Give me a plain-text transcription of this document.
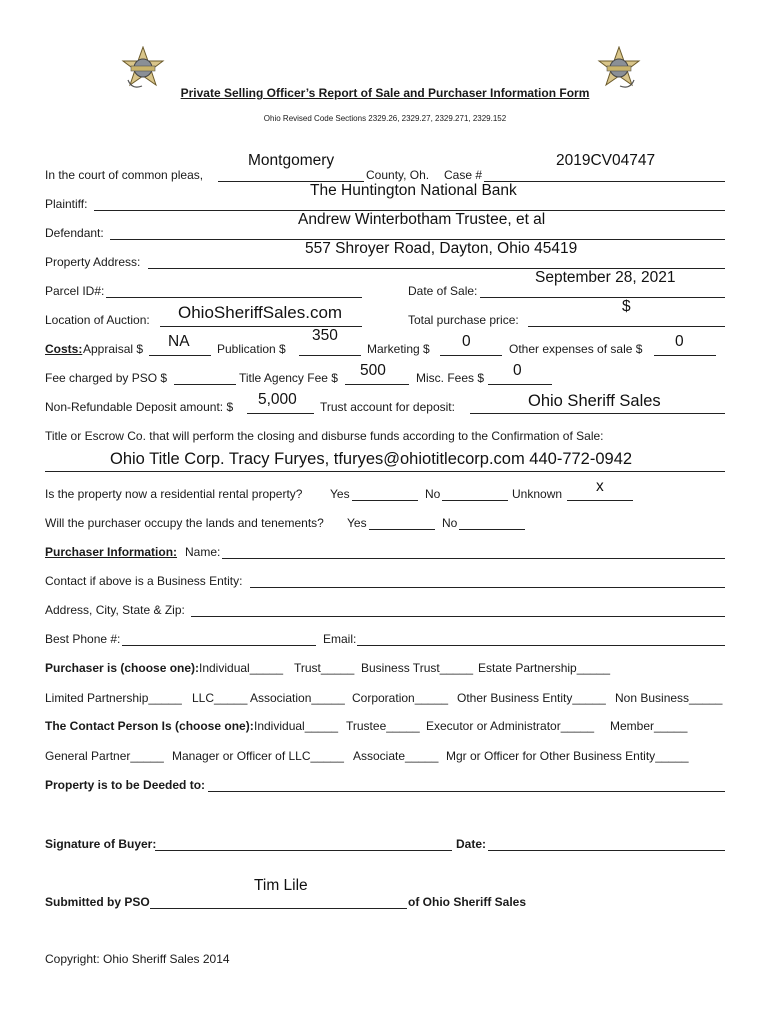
Private Selling Officer’s Report of Sale and Purchaser Information Form
Ohio Revised Code Sections 2329.26, 2329.27, 2329.271, 2329.152
In the court of common pleas,
Montgomery
County, Oh. Case #
2019CV04747
Plaintiff:
The Huntington National Bank
Defendant:
Andrew Winterbotham Trustee, et al
Property Address:
557 Shroyer Road, Dayton, Ohio 45419
Parcel ID#:	Date of Sale:
September 28, 2021
Location of Auction: OhioSheriffSales.com	Total purchase price:
$
Costs: Appraisal $ NA Publication $
350
Marketing $ 0	Other expenses of sale $ 0
Fee charged by PSO $	Title Agency Fee $ 500	Misc. Fees $ 0
Non-Refundable Deposit amount: $ 5,000 Trust account for deposit:	Ohio Sheriff Sales
Title or Escrow Co. that will perform the closing and disburse funds according to the Confirmation of Sale:
Ohio Title Corp. Tracy Furyes, tfuryes@ohiotitlecorp.com 440-772-0942
Is the property now a residential rental property? Yes	No	Unknown x
Will the purchaser occupy the lands and tenements? Yes	No
Purchaser Information: Name:
Contact if above is a Business Entity:
Address, City, State & Zip:
Best Phone #:	Email:
Purchaser is (choose one): Individual_____ Trust_____ Business Trust_____ Estate Partnership_____
Limited Partnership_____ LLC_____ Association_____ Corporation_____ Other Business Entity_____ Non Business_____
The Contact Person Is (choose one): Individual_____ Trustee_____ Executor or Administrator_____ Member_____
General Partner_____ Manager or Officer of LLC_____ Associate_____ Mgr or Officer for Other Business Entity_____
Property is to be Deeded to:
Signature of Buyer:	Date:
Submitted by PSO
Tim Lile
of Ohio Sheriff Sales
Copyright: Ohio Sheriff Sales 2014
